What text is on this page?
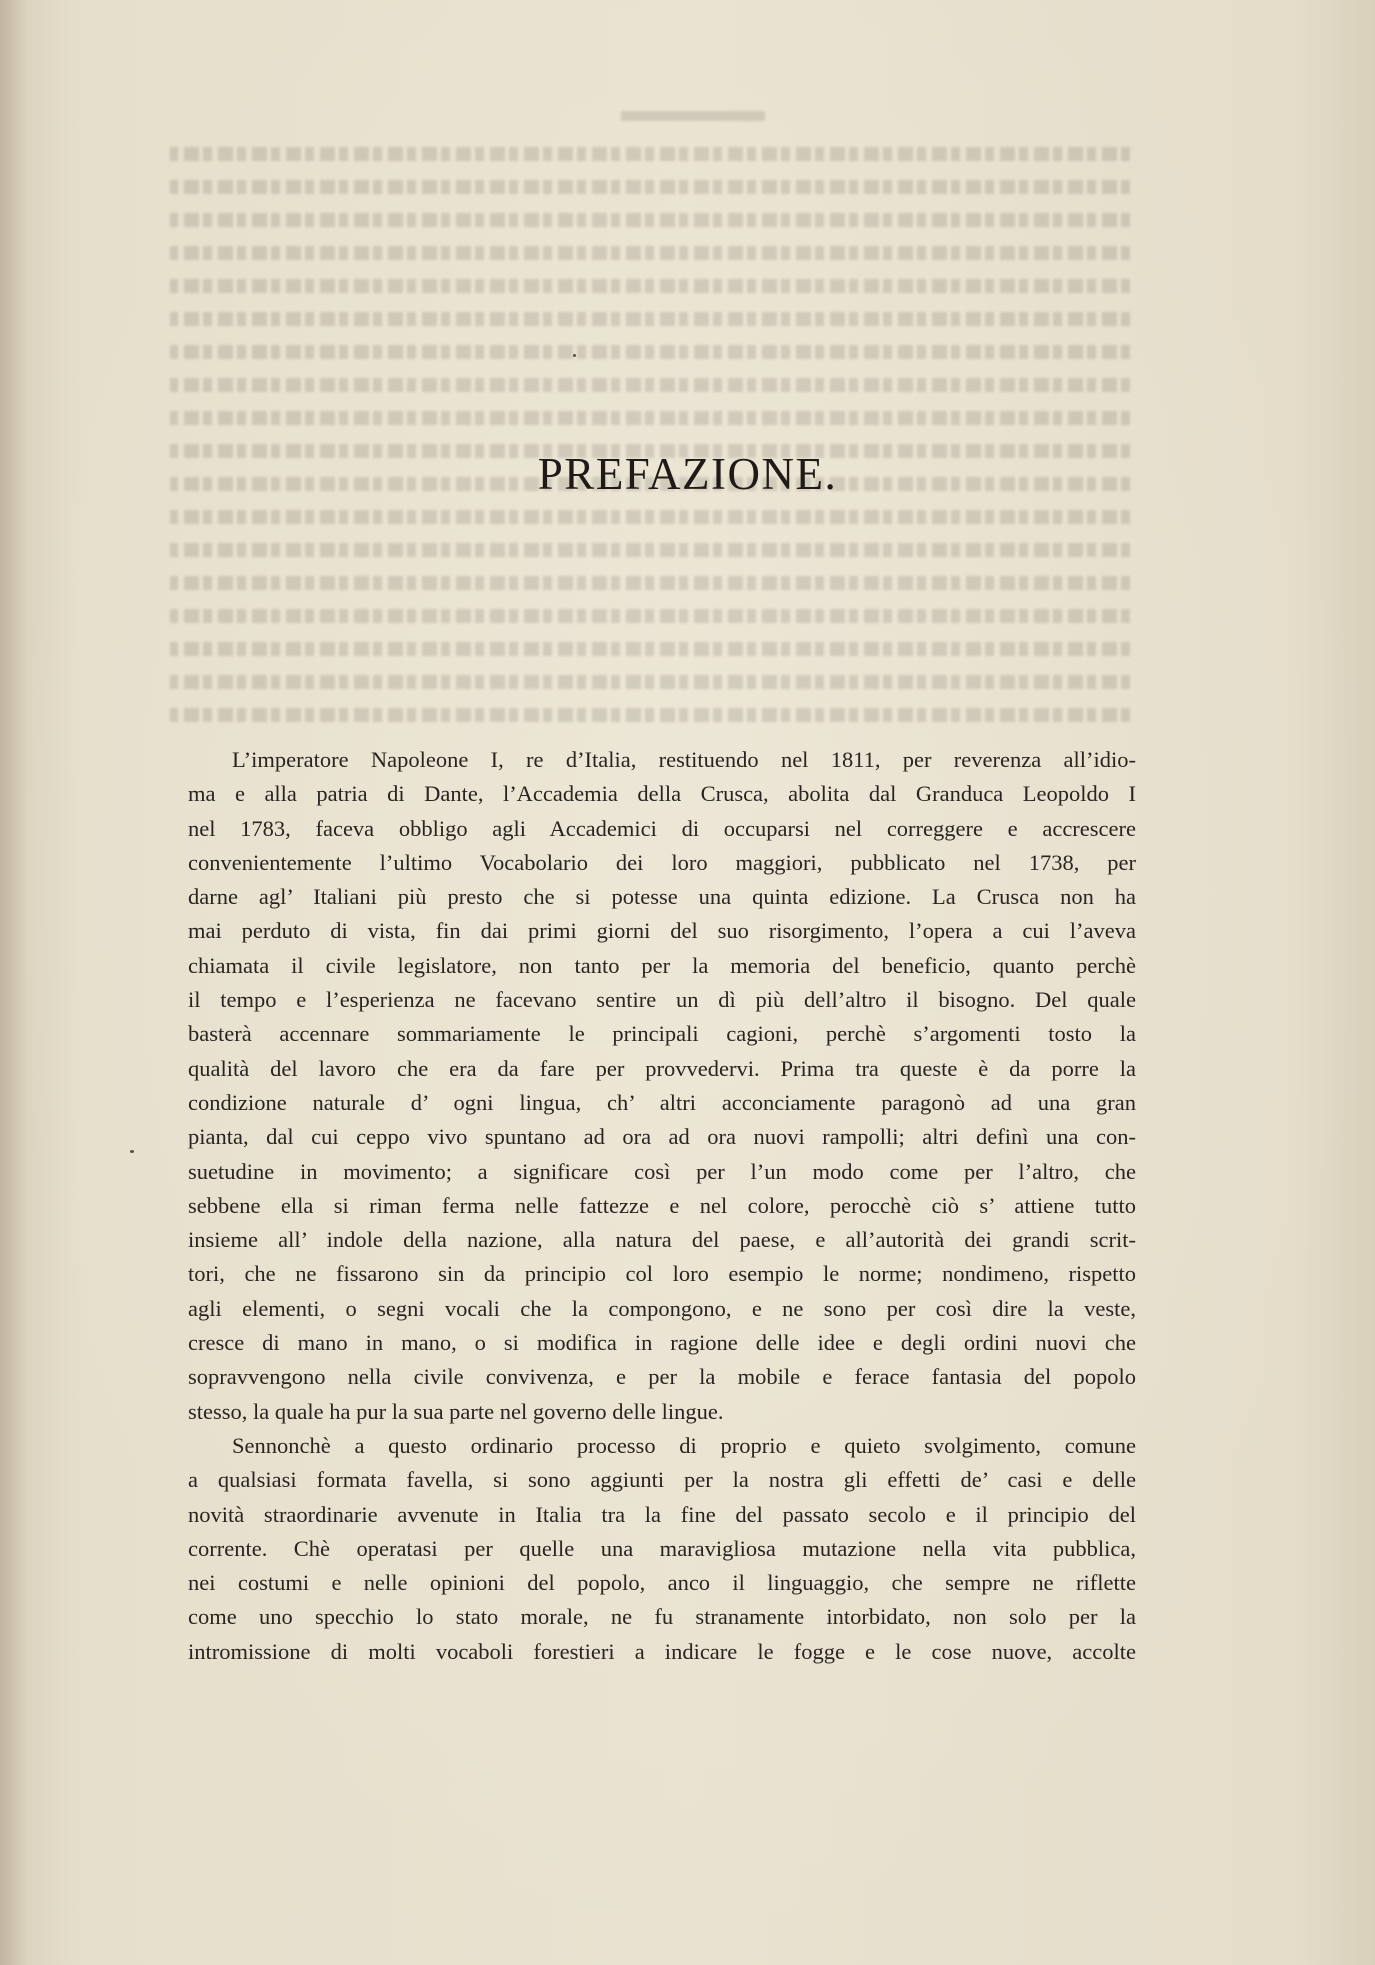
PREFAZIONE.
L’imperatore Napoleone I, re d’Italia, restituendo nel 1811, per reverenza all’idio-
ma e alla patria di Dante, l’Accademia della Crusca, abolita dal Granduca Leopoldo I
nel 1783, faceva obbligo agli Accademici di occuparsi nel correggere e accrescere
convenientemente l’ultimo Vocabolario dei loro maggiori, pubblicato nel 1738, per
darne agl’ Italiani più presto che si potesse una quinta edizione. La Crusca non ha
mai perduto di vista, fin dai primi giorni del suo risorgimento, l’opera a cui l’aveva
chiamata il civile legislatore, non tanto per la memoria del beneficio, quanto perchè
il tempo e l’esperienza ne facevano sentire un dì più dell’altro il bisogno. Del quale
basterà accennare sommariamente le principali cagioni, perchè s’argomenti tosto la
qualità del lavoro che era da fare per provvedervi. Prima tra queste è da porre la
condizione naturale d’ ogni lingua, ch’ altri acconciamente paragonò ad una gran
pianta, dal cui ceppo vivo spuntano ad ora ad ora nuovi rampolli; altri definì una con-
suetudine in movimento; a significare così per l’un modo come per l’altro, che
sebbene ella si riman ferma nelle fattezze e nel colore, perocchè ciò s’ attiene tutto
insieme all’ indole della nazione, alla natura del paese, e all’autorità dei grandi scrit-
tori, che ne fissarono sin da principio col loro esempio le norme; nondimeno, rispetto
agli elementi, o segni vocali che la compongono, e ne sono per così dire la veste,
cresce di mano in mano, o si modifica in ragione delle idee e degli ordini nuovi che
sopravvengono nella civile convivenza, e per la mobile e ferace fantasia del popolo
stesso, la quale ha pur la sua parte nel governo delle lingue.
Sennonchè a questo ordinario processo di proprio e quieto svolgimento, comune
a qualsiasi formata favella, si sono aggiunti per la nostra gli effetti de’ casi e delle
novità straordinarie avvenute in Italia tra la fine del passato secolo e il principio del
corrente. Chè operatasi per quelle una maravigliosa mutazione nella vita pubblica,
nei costumi e nelle opinioni del popolo, anco il linguaggio, che sempre ne riflette
come uno specchio lo stato morale, ne fu stranamente intorbidato, non solo per la
intromissione di molti vocaboli forestieri a indicare le fogge e le cose nuove, accolte
